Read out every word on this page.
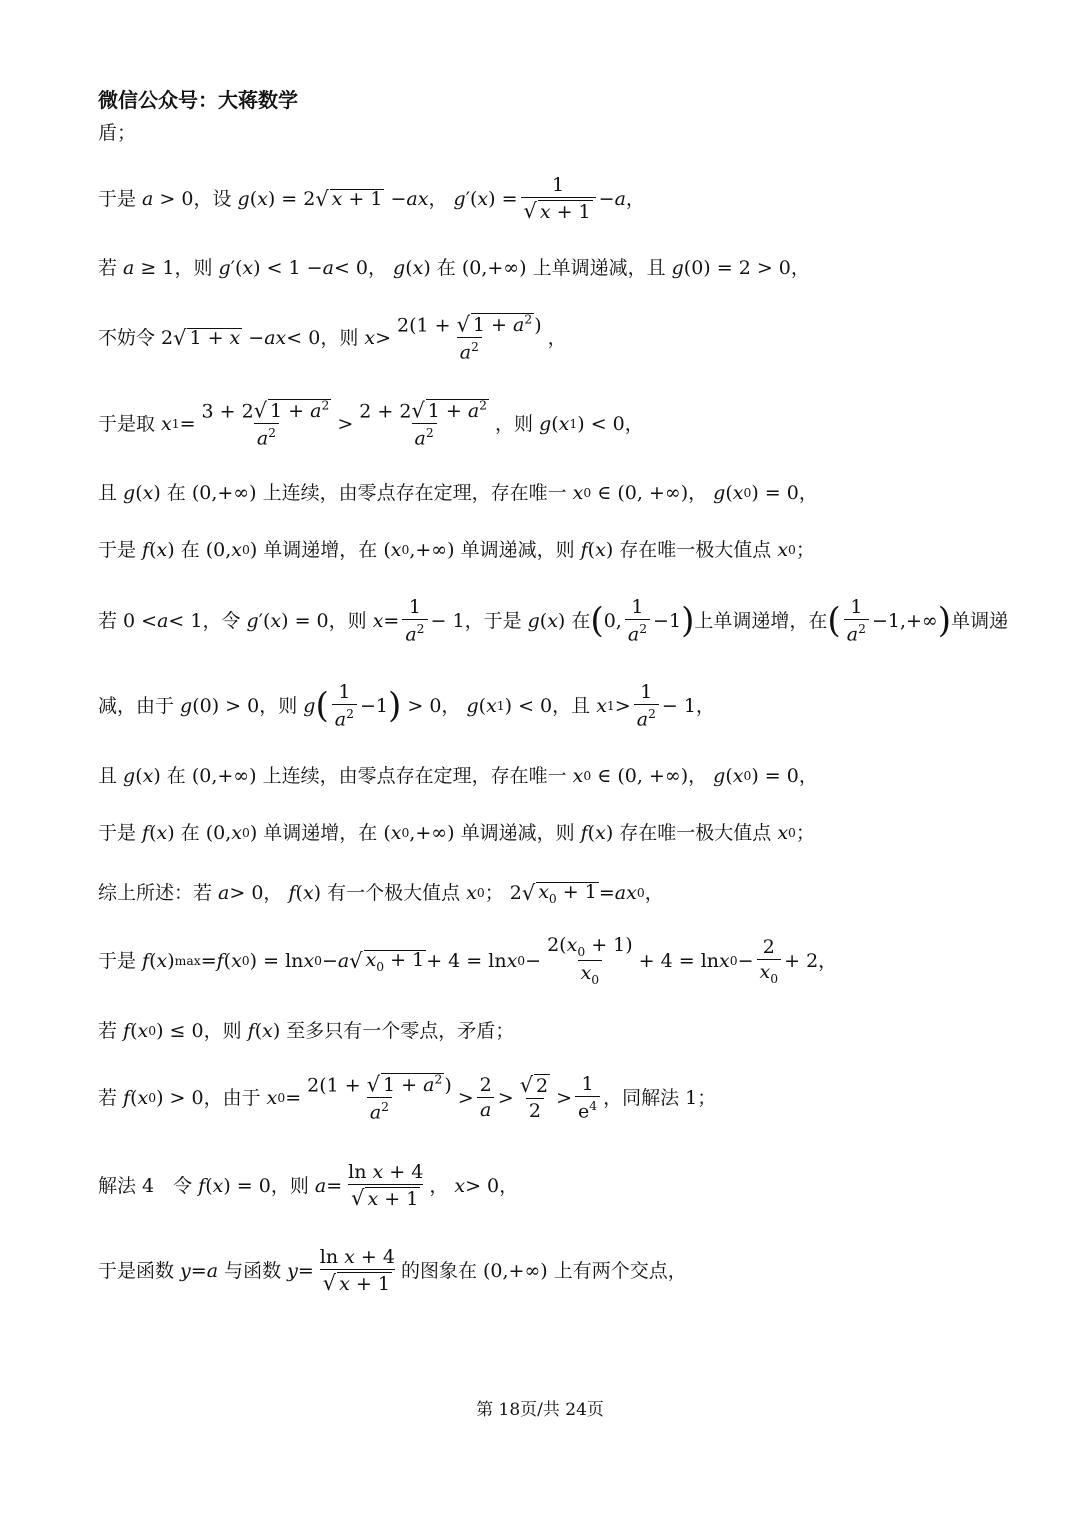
微信公众号：大蒋数学
盾；
于是 a > 0，设 g ( x ) = 2 √ x + 1 − ax ， g ′( x ) = $\frac{1}{√ x + 1} - a$ ，
若 a ≥ 1，则 g ′( x ) < 1 − a < 0， g ( x ) 在 (0,+∞) 上单调递减，且 g (0) = 2 > 0，
不妨令 2 √ 1 + x − ax < 0，则 $x > \frac{2(1 + √ 1 + a^2 )}{a^2}$ ，
于是取 x $1 = \frac{3 + 2√ 1 + a^2}{a^2} > \frac{2 + 2√ 1 + a^2}{a^2}$ ，则 g ( x 1 ) < 0，
且 g ( x ) 在 (0,+∞) 上连续，由零点存在定理，存在唯一 x 0 ∈ (0, +∞)， g ( x 0 ) = 0，
于是 f ( x ) 在 (0, x 0 ) 单调递增，在 ( x 0 ,+∞) 单调递减，则 f ( x ) 存在唯一极大值点 x 0 ；
若 0 < a < 1，令 g ′( x ) = 0，则 $x = \frac{1}{a^2} - 1$，于是 g ( x ) 在 ( 0, $\frac{1}{a^2} -1$ ) 上单调递增，在 ( $\frac{1}{a^2} -1,+\infty$ ) 单调递
减，由于 g (0) > 0，则 g ( $\frac{1}{a^2} -1$ ) > 0， g ( x 1 ) < 0，且 x $1 > \frac{1}{a^2} - 1$，
且 g ( x ) 在 (0,+∞) 上连续，由零点存在定理，存在唯一 x 0 ∈ (0, +∞)， g ( x 0 ) = 0，
于是 f ( x ) 在 (0, x 0 ) 单调递增，在 ( x 0 ,+∞) 单调递减，则 f ( x ) 存在唯一极大值点 x 0 ；
综上所述：若 a > 0， f ( x ) 有一个极大值点 x 0 ； 2 √ $x_0 + 1$ = ax 0 ，
于是 f ( x ) max = f ( x 0 ) = ln x 0 − a √ $x_0 + 1 + 4 = \ln x$ $0 - \frac{2(x_0 + 1)}{x_0} + 4 = \ln x$ $0 - \frac{2}{x_0} + 2$，
若 f ( x 0 ) ≤ 0，则 f ( x ) 至多只有一个零点，矛盾；
若 f ( x 0 ) > 0，由于 x $0 = \frac{2(1 + √ 1 + a^2 )}{a^2} > \frac{2}{a} > \frac{√ 2}{2} > \frac{1}{e^4}$ ，同解法 1；
解法 4　令 f ( x ) = 0，则 $a = \frac{\text{ln x + 4}}{√ x + 1}$ ， x > 0，
于是函数 y = a 与函数 $y = \frac{\text{ln x + 4}}{√ x + 1}$ 的图象在 (0,+∞) 上有两个交点，
第 18页/共 24页
